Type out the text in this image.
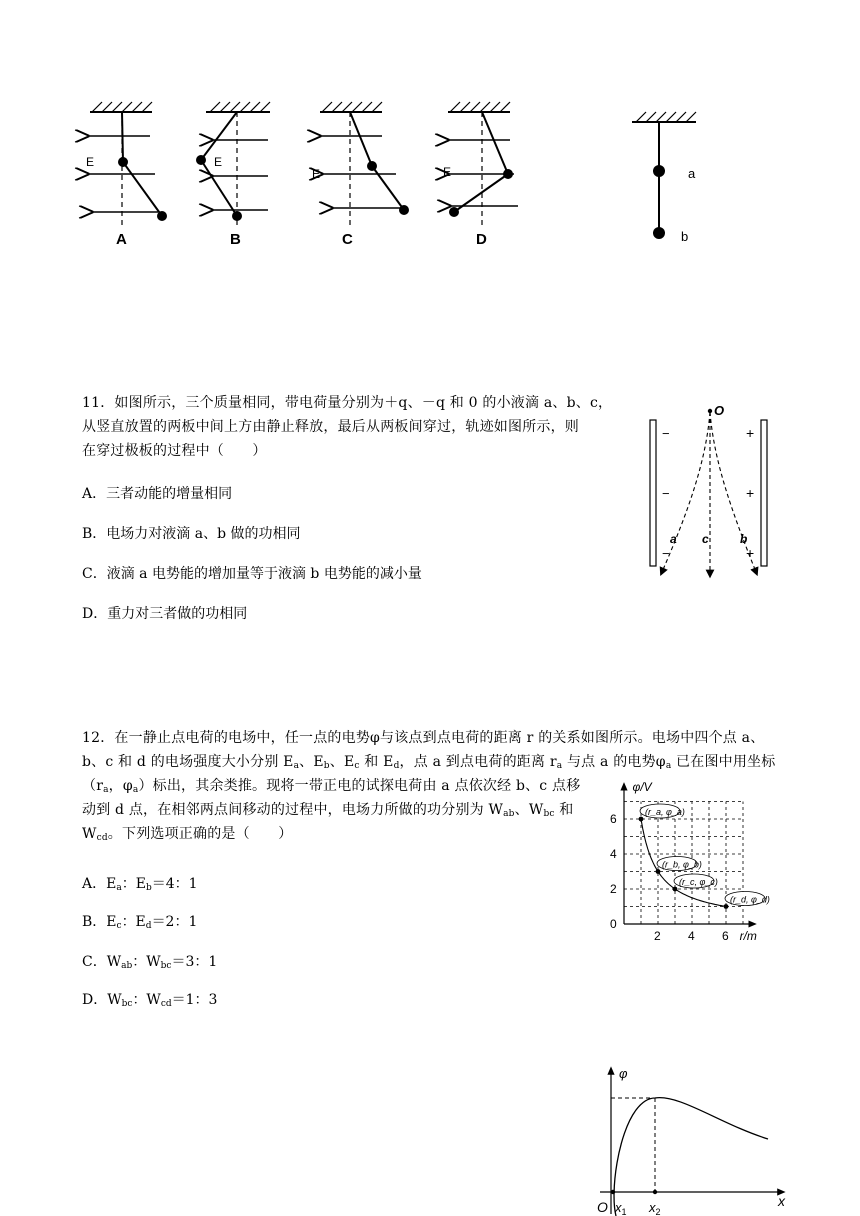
E
A
E
B
E
C
E
D
a
b
11．如图所示，三个质量相同，带电荷量分别为＋q、－q 和 0 的小液滴 a、b、c，
从竖直放置的两板中间上方由静止释放，最后从两板间穿过，轨迹如图所示，则
在穿过极板的过程中（　　）
A．三者动能的增量相同
B．电场力对液滴 a、b 做的功相同
C．液滴 a 电势能的增加量等于液滴 b 电势能的减小量
D．重力对三者做的功相同
O
−
−
−
+
+
+
a c	b
12．在一静止点电荷的电场中，任一点的电势φ与该点到点电荷的距离 r 的关系如图所示。电场中四个点 a、
b、c 和 d 的电场强度大小分别 $E_a$、$E_b$、$E_c$ 和 $E_d$，点 a 到点电荷的距离 $r_a$ 与点 a 的电势$\varphi_a$ 已在图中用坐标
（$r_a$，$\varphi_a$）标出，其余类推。现将一带正电的试探电荷由 a 点依次经 b、c 点移
动到 d 点，在相邻两点间移动的过程中，电场力所做的功分别为 $W_{ab}$、$W_{bc}$ 和
$W_{cd}$。下列选项正确的是（　　）
A．$E_a$：$E_b=4$：1
B．$E_c$：$E_d=2$：1
C．$W_{ab}$：$W_{bc}=3$：1
D．$W_{bc}$：$W_{cd}=1$：3
φ/V
r/m
0
2 4 6
2
4
6	(r_a, φ_a)
(r_b, φ_b)
(r_c, φ_c)
(r_d, φ_d)
φ
x
O $x_1$ $x_2$
